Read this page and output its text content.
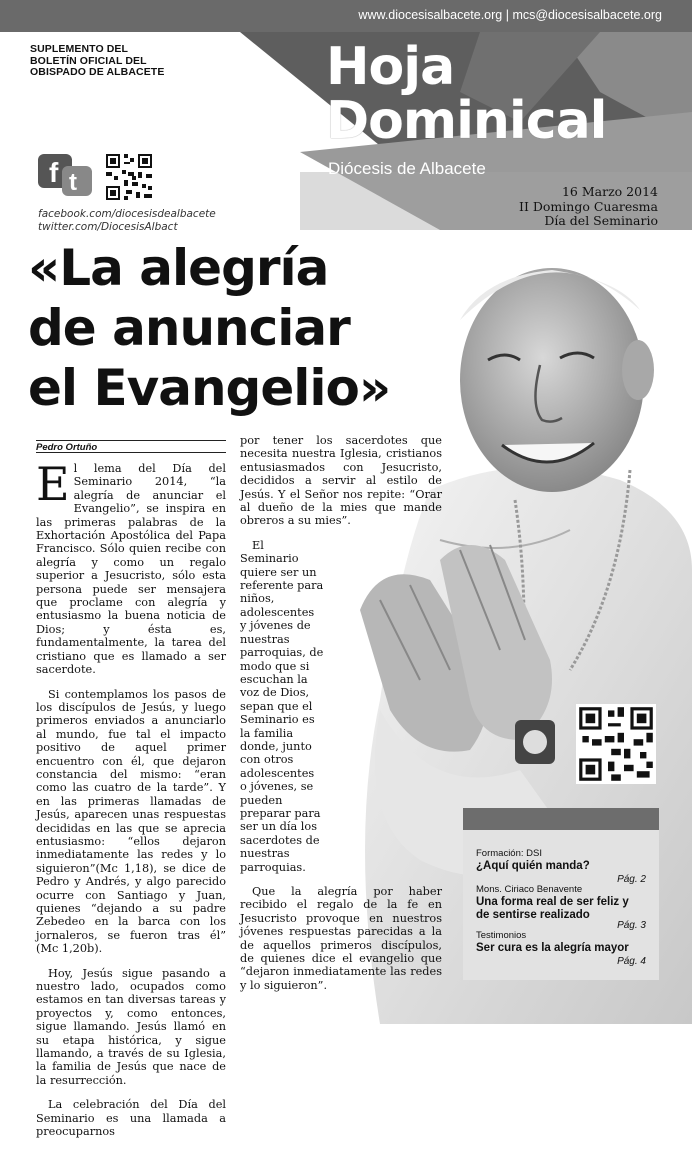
www.diocesisalbacete.org | mcs@diocesisalbacete.org
SUPLEMENTO DEL
BOLETÍN OFICIAL DEL
OBISPADO DE ALBACETE	Hoja
Dominical
Diócesis de Albacete
16 Marzo 2014
II Domingo Cuaresma
Día del Seminario
f t
facebook.com/diocesisdealbacete
twitter.com/DiocesisAlbact
«La alegría
de anunciar
el Evangelio»
Pedro Ortuño

El lema del Día del Seminario 2014, “la alegría de anunciar el Evangelio”, se inspira en las primeras palabras de la Exhortación Apostólica del Papa Francisco. Sólo quien recibe con alegría y como un regalo superior a Jesucristo, sólo esta persona puede ser mensajera que proclame con alegría y entusiasmo la buena noticia de Dios; y ésta es, fundamentalmente, la tarea del cristiano que es llamado a ser sacerdote.

Si contemplamos los pasos de los discípulos de Jesús, y luego primeros enviados a anunciarlo al mundo, fue tal el impacto positivo de aquel primer encuentro con él, que dejaron constancia del mismo: “eran como las cuatro de la tarde”. Y en las primeras llamadas de Jesús, aparecen unas respuestas decididas en las que se aprecia entusiasmo: “ellos dejaron inmediatamente las redes y lo siguieron”(Mc 1,18), se dice de Pedro y Andrés, y algo parecido ocurre con Santiago y Juan, quienes “dejando a su padre Zebedeo en la barca con los jornaleros, se fueron tras él” (Mc 1,20b).

Hoy, Jesús sigue pasando a nuestro lado, ocupados como estamos en tan diversas tareas y proyectos y, como entonces, sigue llamando. Jesús llamó en su etapa histórica, y sigue llamando, a través de su Iglesia, la familia de Jesús que nace de la resurrección.

La celebración del Día del Seminario es una llamada a preocuparnos

por tener los sacerdotes que necesita nuestra Iglesia, cristianos entusiasmados con Jesucristo, decididos a servir al estilo de Jesús. Y el Señor nos repite: “Orar al dueño de la mies que mande obreros a su mies”.

El Seminario quiere ser un referente para niños, adolescentes y jóvenes de nuestras parroquias, de modo que si escuchan la voz de Dios, sepan que el Seminario es la familia donde, junto con otros adolescentes o jóvenes, se pueden preparar para ser un día los sacerdotes de nuestras parroquias.

Que la alegría por haber recibido el regalo de la fe en Jesucristo provoque en nuestros jóvenes respuestas parecidas a la de aquellos primeros discípulos, de quienes dice el evangelio que “dejaron inmediatamente las redes y lo siguieron”.

Formación: DSI
¿Aquí quién manda?
Pág. 2
Mons. Ciriaco Benavente
Una forma real de ser feliz y de sentirse realizado
Pág. 3
Testimonios
Ser cura es la alegría mayor
Pág. 4
